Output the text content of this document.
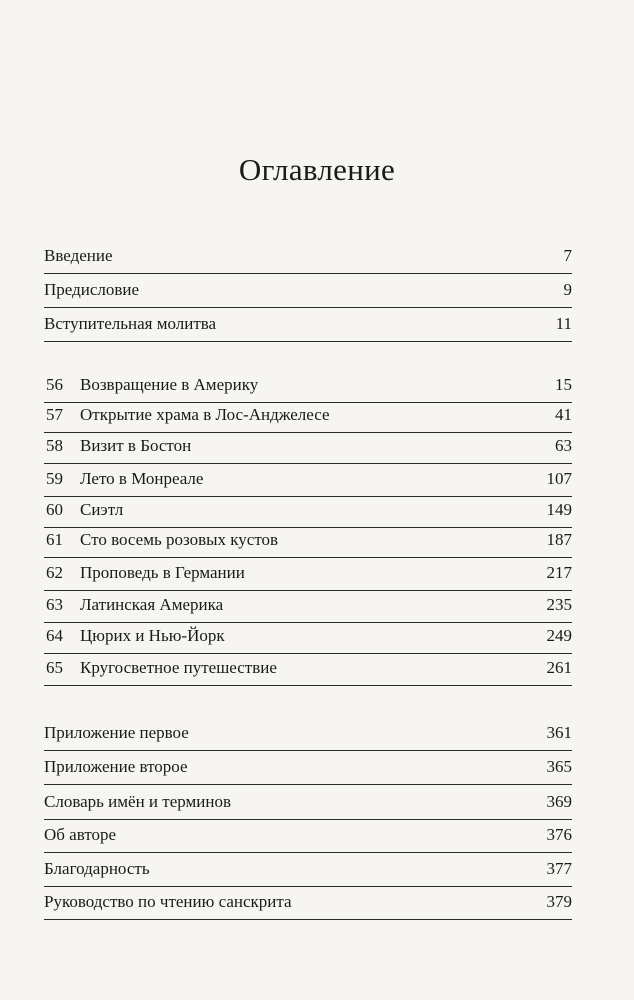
Оглавление
Введение	7
Предисловие	9
Вступительная молитва	11
56 Возвращение в Америку	15
57 Открытие храма в Лос-Анджелесе	41
58 Визит в Бостон	63
59 Лето в Монреале	107
60 Сиэтл	149
61 Сто восемь розовых кустов	187
62 Проповедь в Германии	217
63 Латинская Америка	235
64 Цюрих и Нью-Йорк	249
65 Кругосветное путешествие	261
Приложение первое	361
Приложение второе	365
Словарь имён и терминов	369
Об авторе	376
Благодарность	377
Руководство по чтению санскрита	379
